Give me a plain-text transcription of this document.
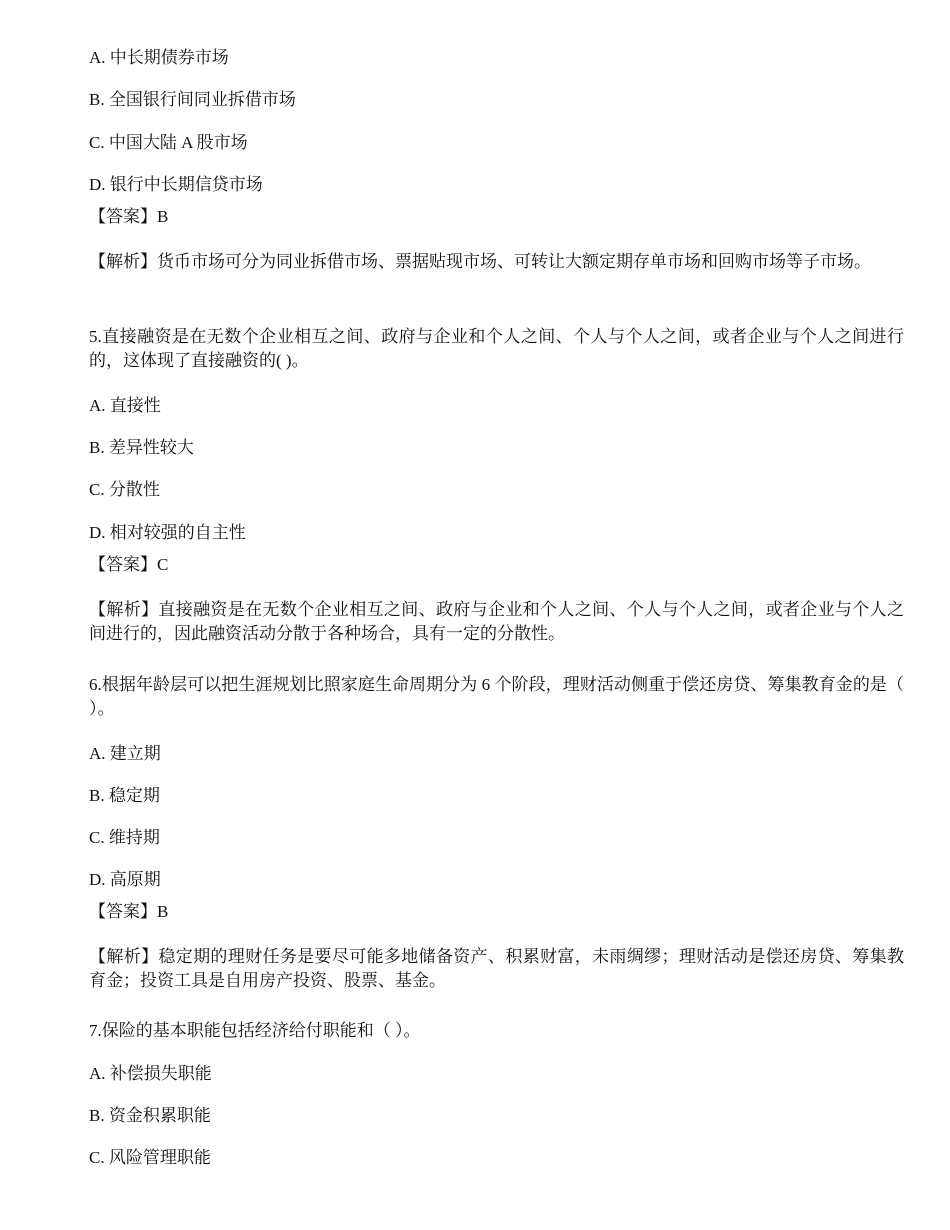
A. 中长期债券市场
B. 全国银行间同业拆借市场
C. 中国大陆 A 股市场
D. 银行中长期信贷市场
【答案】B
【解析】货币市场可分为同业拆借市场、票据贴现市场、可转让大额定期存单市场和回购市场等子市场。
5.直接融资是在无数个企业相互之间、政府与企业和个人之间、个人与个人之间，或者企业与个人之间进行的，这体现了直接融资的( )。
A. 直接性
B. 差异性较大
C. 分散性
D. 相对较强的自主性
【答案】C
【解析】直接融资是在无数个企业相互之间、政府与企业和个人之间、个人与个人之间，或者企业与个人之间进行的，因此融资活动分散于各种场合，具有一定的分散性。
6.根据年龄层可以把生涯规划比照家庭生命周期分为 6 个阶段，理财活动侧重于偿还房贷、筹集教育金的是（ ）。
A. 建立期
B. 稳定期
C. 维持期
D. 高原期
【答案】B
【解析】稳定期的理财任务是要尽可能多地储备资产、积累财富，未雨绸缪；理财活动是偿还房贷、筹集教育金；投资工具是自用房产投资、股票、基金。
7.保险的基本职能包括经济给付职能和（ ）。
A. 补偿损失职能
B. 资金积累职能
C. 风险管理职能
